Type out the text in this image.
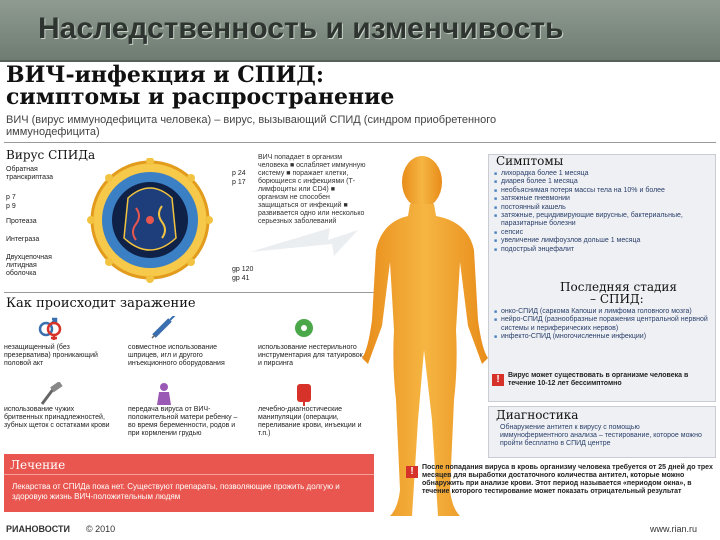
Наследственность и изменчивость
ВИЧ-инфекция и СПИД:
симптомы и распространение
ВИЧ (вирус иммунодефицита человека) – вирус, вызывающий СПИД (синдром приобретенного иммунодефицита)
Вирус СПИДа
Обратная транскриптаза
p 7
p 9
Протеаза
Интеграза
Двухцепочная литидная оболочка
p 24
p 17
gp 120
gp 41
ВИЧ попадает в организм человека ■ ослабляет иммунную систему ■ поражает клетки, борющиеся с инфекциями (Т-лимфоциты или CD4) ■ организм не способен защищаться от инфекций ■ развивается одно или несколько серьезных заболеваний
Как происходит заражение
незащищенный (без презерватива) проникающий половой акт
совместное использование шприцев, игл и другого инъекционного оборудования
использование нестерильного инструментария для татуировок и пирсинга
использование чужих бритвенных принадлежностей, зубных щеток с остатками крови
передача вируса от ВИЧ-положительной матери ребенку – во время беременности, родов и при кормлении грудью
лечебно-диагностические манипуляции (операции, переливание крови, инъекции и т.п.)
Симптомы
■ лихорадка более 1 месяца
■ диарея более 1 месяца
■ необъяснимая потеря массы тела на 10% и более
■ затяжные пневмонии
■ постоянный кашель
■ затяжные, рецидивирующие вирусные, бактериальные, паразитарные болезни
■ сепсис
■ увеличение лимфоузлов дольше 1 месяца
■ подострый энцефалит
Последняя стадия
– СПИД:
■ онко-СПИД (саркома Капоши и лимфома головного мозга)
■ нейро-СПИД (разнообразные поражения центральной нервной системы и периферических нервов)
■ инфекто-СПИД (многочисленные инфекции)
!	Вирус может существовать в организме человека в течение 10-12 лет бессимптомно
Диагностика
Обнаружение антител к вирусу с помощью иммуноферментного анализа – тестирование, которое можно пройти бесплатно в СПИД центре
!	После попадания вируса в кровь организму человека требуется от 25 дней до трех месяцев для выработки достаточного количества антител, которые можно обнаружить при анализе крови. Этот период называется «периодом окна», в течение которого тестирование может показать отрицательный результат
Лечение
Лекарства от СПИДа пока нет. Существуют препараты, позволяющие прожить долгую и здоровую жизнь ВИЧ-положительным людям
РИАНОВОСТИ © 2010	www.rian.ru
